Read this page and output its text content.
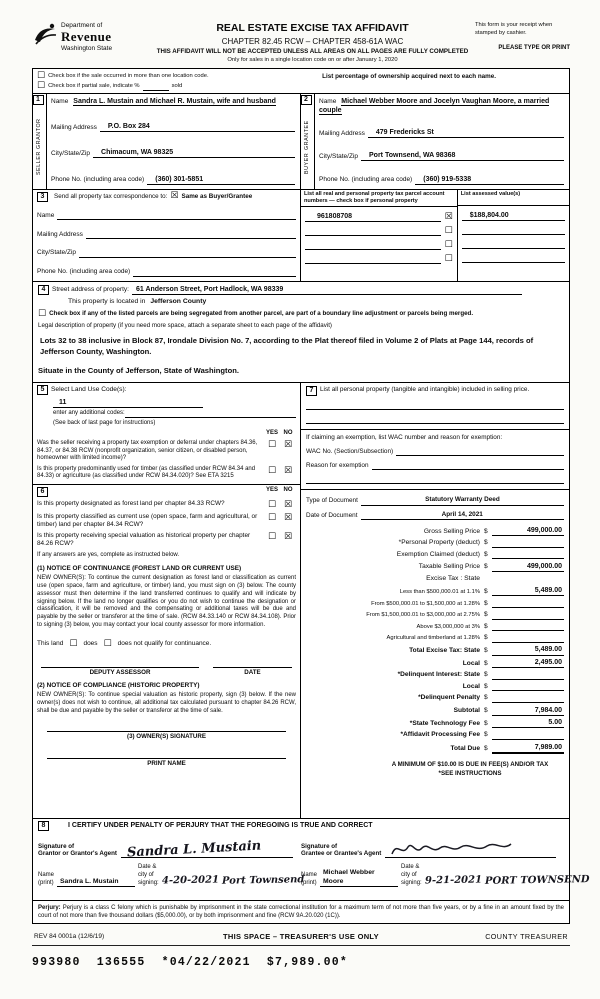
Department of
Revenue
Washington State
REAL ESTATE EXCISE TAX AFFIDAVIT
CHAPTER 82.45 RCW – CHAPTER 458-61A WAC
THIS AFFIDAVIT WILL NOT BE ACCEPTED UNLESS ALL AREAS ON ALL PAGES ARE FULLY COMPLETED
Only for sales in a single location code on or after January 1, 2020
This form is your receipt when stamped by cashier.
PLEASE TYPE OR PRINT
☐ Check box if the sale occurred in more than one location code.
☐ Check box if partial sale, indicate %	sold
List percentage of ownership acquired next to each name.
1
SELLER
GRANTOR
Name Sandra L. Mustain and Michael R. Mustain, wife and husband
Mailing Address	P.O. Box 284
City/State/Zip	Chimacum, WA 98325
Phone No. (including area code)	(360) 301-5851
2
BUYER
GRANTEE
Name Michael Webber Moore and Jocelyn Vaughan Moore, a married couple
Mailing Address	479 Fredericks St
City/State/Zip	Port Townsend, WA 98368
Phone No. (including area code)	(360) 919-5338
3	Send all property tax correspondence to: ☒ Same as Buyer/Grantee
Name
Mailing Address
City/State/Zip
Phone No. (including area code)
List all real and personal property tax parcel account numbers — check box if personal property
961808708	☒
☐
☐
☐
List assessed value(s)
$188,804.00
4	Street address of property:	61 Anderson Street, Port Hadlock, WA 98339
This property is located in Jefferson County
☐ Check box if any of the listed parcels are being segregated from another parcel, are part of a boundary line adjustment or parcels being merged.
Legal description of property (if you need more space, attach a separate sheet to each page of the affidavit)
Lots 32 to 38 inclusive in Block 87, Irondale Division No. 7, according to the Plat thereof filed in Volume 2 of Plats at Page 144, records of Jefferson County, Washington.
Situate in the County of Jefferson, State of Washington.
5 Select Land Use Code(s):
11
enter any additional codes:
(See back of last page for instructions)
YES NO
Was the seller receiving a property tax exemption or deferral under chapters 84.36, 84.37, or 84.38 RCW (nonprofit organization, senior citizen, or disabled person, homeowner with limited income)?
☐ ☒
Is this property predominantly used for timber (as classified under RCW 84.34 and 84.33) or agriculture (as classified under RCW 84.34.020)? See ETA 3215
☐ ☒
6	YES NO
Is this property designated as forest land per chapter 84.33 RCW?	☐ ☒
Is this property classified as current use (open space, farm and agricultural, or timber) land per chapter 84.34 RCW?
☐ ☒
Is this property receiving special valuation as historical property per chapter 84.26 RCW?
☐ ☒
If any answers are yes, complete as instructed below.
(1) NOTICE OF CONTINUANCE (FOREST LAND OR CURRENT USE)
NEW OWNER(S): To continue the current designation as forest land or classification as current use (open space, farm and agriculture, or timber) land, you must sign on (3) below. The county assessor must then determine if the land transferred continues to qualify and will indicate by signing below. If the land no longer qualifies or you do not wish to continue the designation or classification, it will be removed and the compensating or additional taxes will be due and payable by the seller or transferor at the time of sale. (RCW 84.33.140 or RCW 84.34.108). Prior to signing (3) below, you may contact your local county assessor for more information.
This land ☐ does ☐ does not qualify for continuance.
DEPUTY ASSESSOR	DATE
(2) NOTICE OF COMPLIANCE (HISTORIC PROPERTY)
NEW OWNER(S): To continue special valuation as historic property, sign (3) below. If the new owner(s) does not wish to continue, all additional tax calculated pursuant to chapter 84.26 RCW, shall be due and payable by the seller or transferor at the time of sale.
(3) OWNER(S) SIGNATURE
PRINT NAME
7	List all personal property (tangible and intangible) included in selling price.
If claiming an exemption, list WAC number and reason for exemption:
WAC No. (Section/Subsection)
Reason for exemption
Type of Document	Statutory Warranty Deed
Date of Document	April 14, 2021
Gross Selling Price $	499,000.00
*Personal Property (deduct) $
Exemption Claimed (deduct) $
Taxable Selling Price $	499,000.00
Excise Tax : State
Less than $500,000.01 at 1.1% $	5,489.00
From $500,000.01 to $1,500,000 at 1.28% $
From $1,500,000.01 to $3,000,000 at 2.75% $
Above $3,000,000 at 3% $
Agricultural and timberland at 1.28% $
Total Excise Tax: State $	5,489.00
Local $	2,495.00
*Delinquent Interest: State $
Local $
*Delinquent Penalty $
Subtotal $	7,984.00
*State Technology Fee $	5.00
*Affidavit Processing Fee $
Total Due $	7,989.00
A MINIMUM OF $10.00 IS DUE IN FEE(S) AND/OR TAX
*SEE INSTRUCTIONS
8	I CERTIFY UNDER PENALTY OF PERJURY THAT THE FOREGOING IS TRUE AND CORRECT
Signature of
Grantor or Grantor's Agent Sandra L. Mustain	Signature of
Grantee or Grantee's Agent
Name (print) Sandra L. Mustain
Date & city of signing: 4-20-2021 Port Townsend
Name (print)
Michael Webber Moore
Date & city of signing: 9-21-2021 PORT TOWNSEND
Perjury: Perjury is a class C felony which is punishable by imprisonment in the state correctional institution for a maximum term of not more than five years, or by a fine in an amount fixed by the court of not more than five thousand dollars ($5,000.00), or by both imprisonment and fine (RCW 9A.20.020 (1C)).
REV 84 0001a (12/6/19)	THIS SPACE – TREASURER'S USE ONLY	COUNTY TREASURER
993980  136555  *04/22/2021  $7,989.00*
